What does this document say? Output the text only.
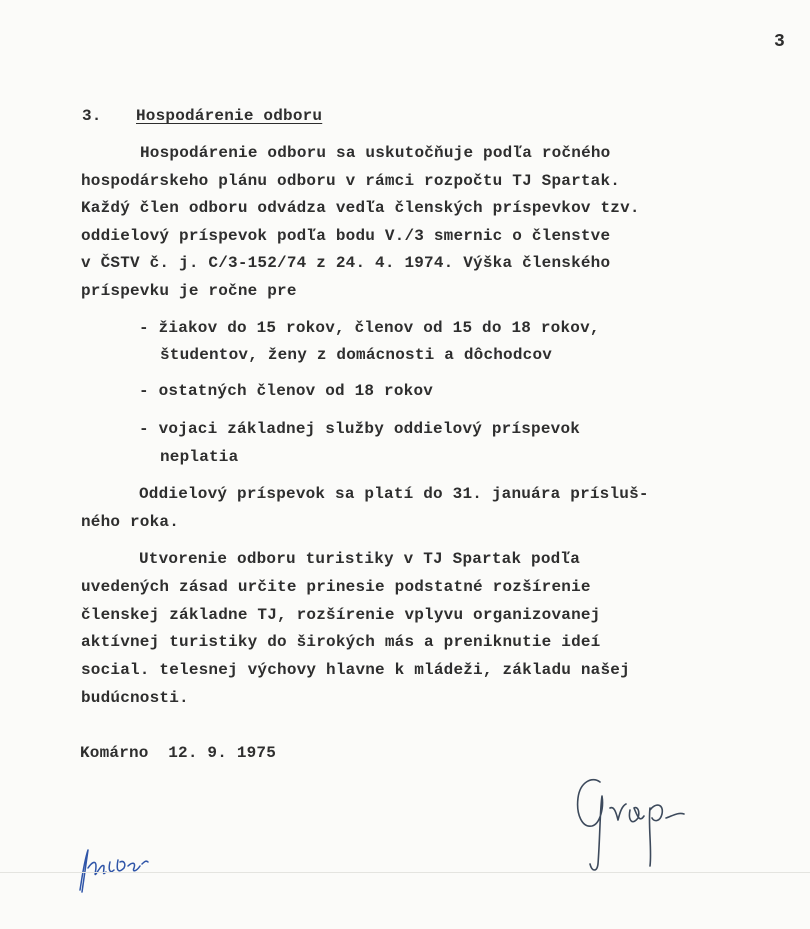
3
3. Hospodárenie odboru
Hospodárenie odboru sa uskutočňuje podľa ročného
hospodárskeho plánu odboru v rámci rozpočtu TJ Spartak.
Každý člen odboru odvádza vedľa členských príspevkov tzv.
oddielový príspevok podľa bodu V./3 smernic o členstve
v ČSTV č. j. C/3-152/74 z 24. 4. 1974. Výška členského
príspevku je ročne pre
- žiakov do 15 rokov, členov od 15 do 18 rokov,
študentov, ženy z domácnosti a dôchodcov
- ostatných členov od 18 rokov
- vojaci základnej služby oddielový príspevok
neplatia
Oddielový príspevok sa platí do 31. januára prísluš-
ného roka.
Utvorenie odboru turistiky v TJ Spartak podľa
uvedených zásad určite prinesie podstatné rozšírenie
členskej základne TJ, rozšírenie vplyvu organizovanej
aktívnej turistiky do širokých más a preniknutie ideí
social. telesnej výchovy hlavne k mládeži, základu našej
budúcnosti.
Komárno  12. 9. 1975
